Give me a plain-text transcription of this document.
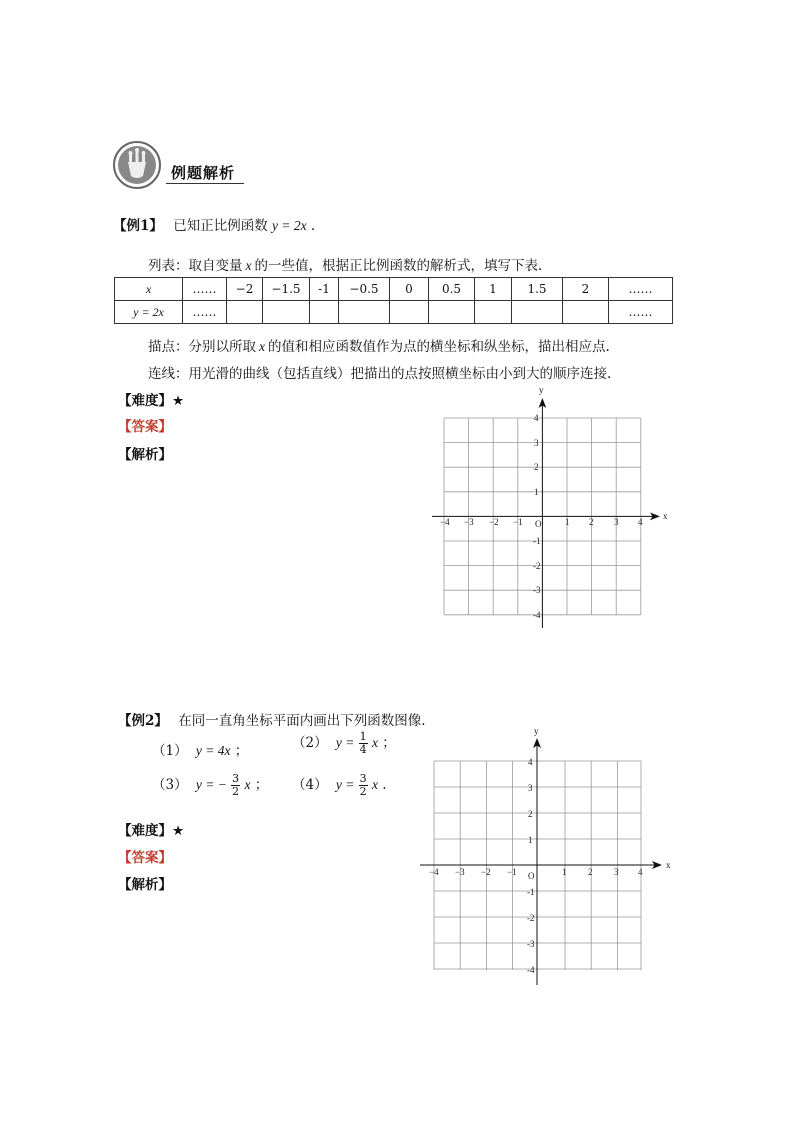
例题解析
【例1】 已知正比例函数 y = 2x .
列表：取自变量 x 的一些值，根据正比例函数的解析式，填写下表.
x	……	−2	−1.5	-1	−0.5	0	0.5	1	1.5	2	……
y = 2x	……										……
描点：分别以所取 x 的值和相应函数值作为点的横坐标和纵坐标，描出相应点.
连线：用光滑的曲线（包括直线）把描出的点按照横坐标由小到大的顺序连接.
【难度】★
【答案】
【解析】
x
y
O
−4 −3 −2 −1	1 2 3 4
4
3
2
1
-1
-2
-3
-4
【例2】 在同一直角坐标平面内画出下列函数图像.
（1） y = 4x ；	（2） $y = \frac{1}{4}$ x ；
（3） y = − $\frac{3}{2}$ x ； （4） $y = \frac{3}{2}$ x .
【难度】★
【答案】
【解析】
x
y
O
−4 −3 −2 −1	1 2 3 4
4
3
2
1
-1
-2
-3
-4
